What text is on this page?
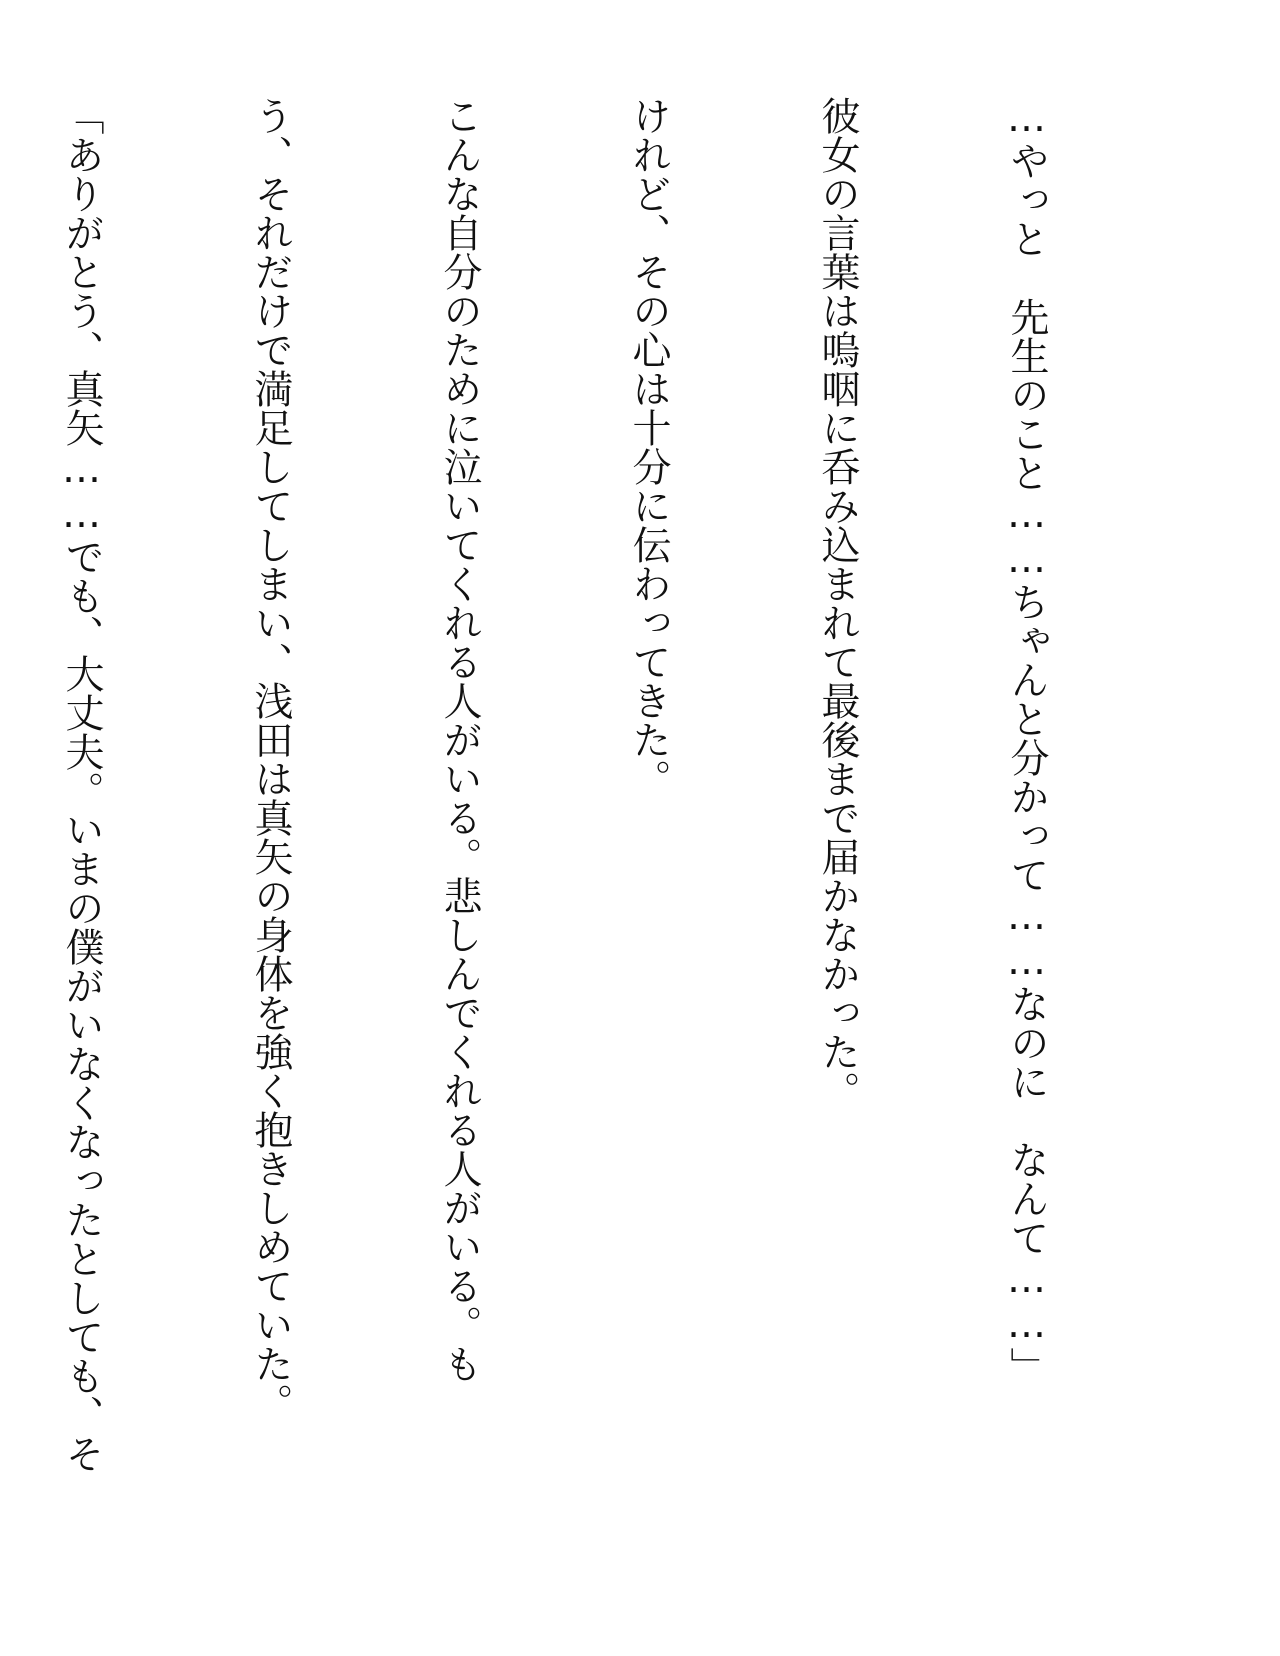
…やっと　先生のこと……ちゃんと分かって……なのに　なんて……」

彼女の言葉は嗚咽に呑み込まれて最後まで届かなかった。

けれど、その心は十分に伝わってきた。

こんな自分のために泣いてくれる人がいる。悲しんでくれる人がいる。も

う、それだけで満足してしまい、浅田は真矢の身体を強く抱きしめていた。

「ありがとう、真矢……でも、大丈夫。いまの僕がいなくなったとしても、そ
